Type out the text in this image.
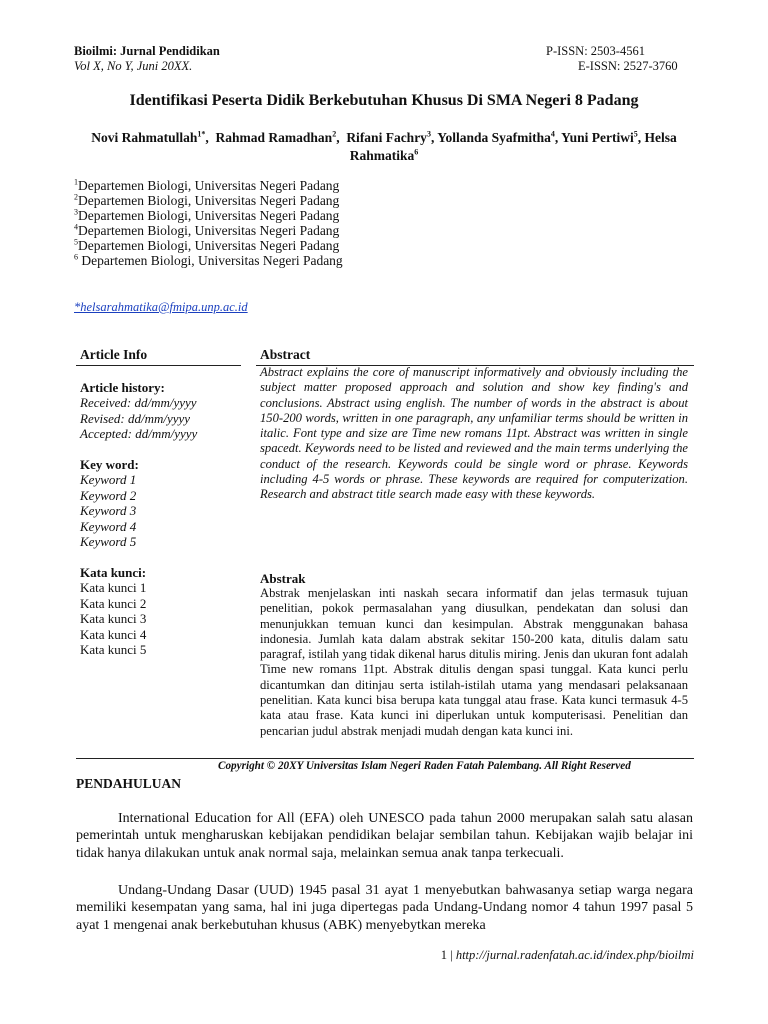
Bioilmi: Jurnal Pendidikan
Vol X, No Y, Juni 20XX.
P-ISSN: 2503-4561
E-ISSN: 2527-3760
Identifikasi Peserta Didik Berkebutuhan Khusus Di SMA Negeri 8 Padang
Novi Rahmatullah$^{1*}$,  Rahmad Ramadhan$^2$,  Rifani Fachry$^3$, Yollanda Syafmitha$^4$, Yuni Pertiwi$^5$, Helsa Rahmatika$^6$
$^1$Departemen Biologi, Universitas Negeri Padang
$^2$Departemen Biologi, Universitas Negeri Padang
$^3$Departemen Biologi, Universitas Negeri Padang
$^4$Departemen Biologi, Universitas Negeri Padang
$^5$Departemen Biologi, Universitas Negeri Padang
$^6$ Departemen Biologi, Universitas Negeri Padang
*helsarahmatika@fmipa.unp.ac.id
Article Info	Abstract
Article history:
Received: dd/mm/yyyy
Revised: dd/mm/yyyy
Accepted: dd/mm/yyyy
Key word:
Keyword 1
Keyword 2
Keyword 3
Keyword 4
Keyword 5
Kata kunci:
Kata kunci 1
Kata kunci 2
Kata kunci 3
Kata kunci 4
Kata kunci 5
Abstract explains the core of manuscript informatively and obviously including the subject matter proposed approach and solution and show key finding's and conclusions. Abstract using english. The number of words in the abstract is about 150-200 words, written in one paragraph, any unfamiliar terms should be written in italic. Font type and size are Time new romans 11pt. Abstract was written in single spacedt. Keywords need to be listed and reviewed and the main terms underlying the conduct of the research. Keywords could be single word or phrase. Keywords including 4-5 words or phrase. These keywords are required for computerization. Research and abstract title search made easy with these keywords.
Abstrak
Abstrak menjelaskan inti naskah secara informatif dan jelas termasuk tujuan penelitian, pokok permasalahan yang diusulkan, pendekatan dan solusi dan menunjukkan temuan kunci dan kesimpulan. Abstrak menggunakan bahasa indonesia. Jumlah kata dalam abstrak sekitar 150-200 kata, ditulis dalam satu paragraf, istilah yang tidak dikenal harus ditulis miring. Jenis dan ukuran font adalah Time new romans 11pt. Abstrak ditulis dengan spasi tunggal. Kata kunci perlu dicantumkan dan ditinjau serta istilah-istilah utama yang mendasari pelaksanaan penelitian. Kata kunci bisa berupa kata tunggal atau frase. Kata kunci termasuk 4-5 kata atau frase. Kata kunci ini diperlukan untuk komputerisasi. Penelitian dan pencarian judul abstrak menjadi mudah dengan kata kunci ini.
Copyright © 20XY Universitas Islam Negeri Raden Fatah Palembang. All Right Reserved
PENDAHULUAN
International Education for All (EFA) oleh UNESCO pada tahun 2000 merupakan salah satu alasan pemerintah untuk mengharuskan kebijakan pendidikan belajar sembilan tahun. Kebijakan wajib belajar ini tidak hanya dilakukan untuk anak normal saja, melainkan semua anak tanpa terkecuali.
Undang-Undang Dasar (UUD) 1945 pasal 31 ayat 1 menyebutkan bahwasanya setiap warga negara memiliki kesempatan yang sama, hal ini juga dipertegas pada Undang-Undang nomor 4 tahun 1997 pasal 5 ayat 1 mengenai anak berkebutuhan khusus (ABK) menyebytkan mereka
1 | http://jurnal.radenfatah.ac.id/index.php/bioilmi
